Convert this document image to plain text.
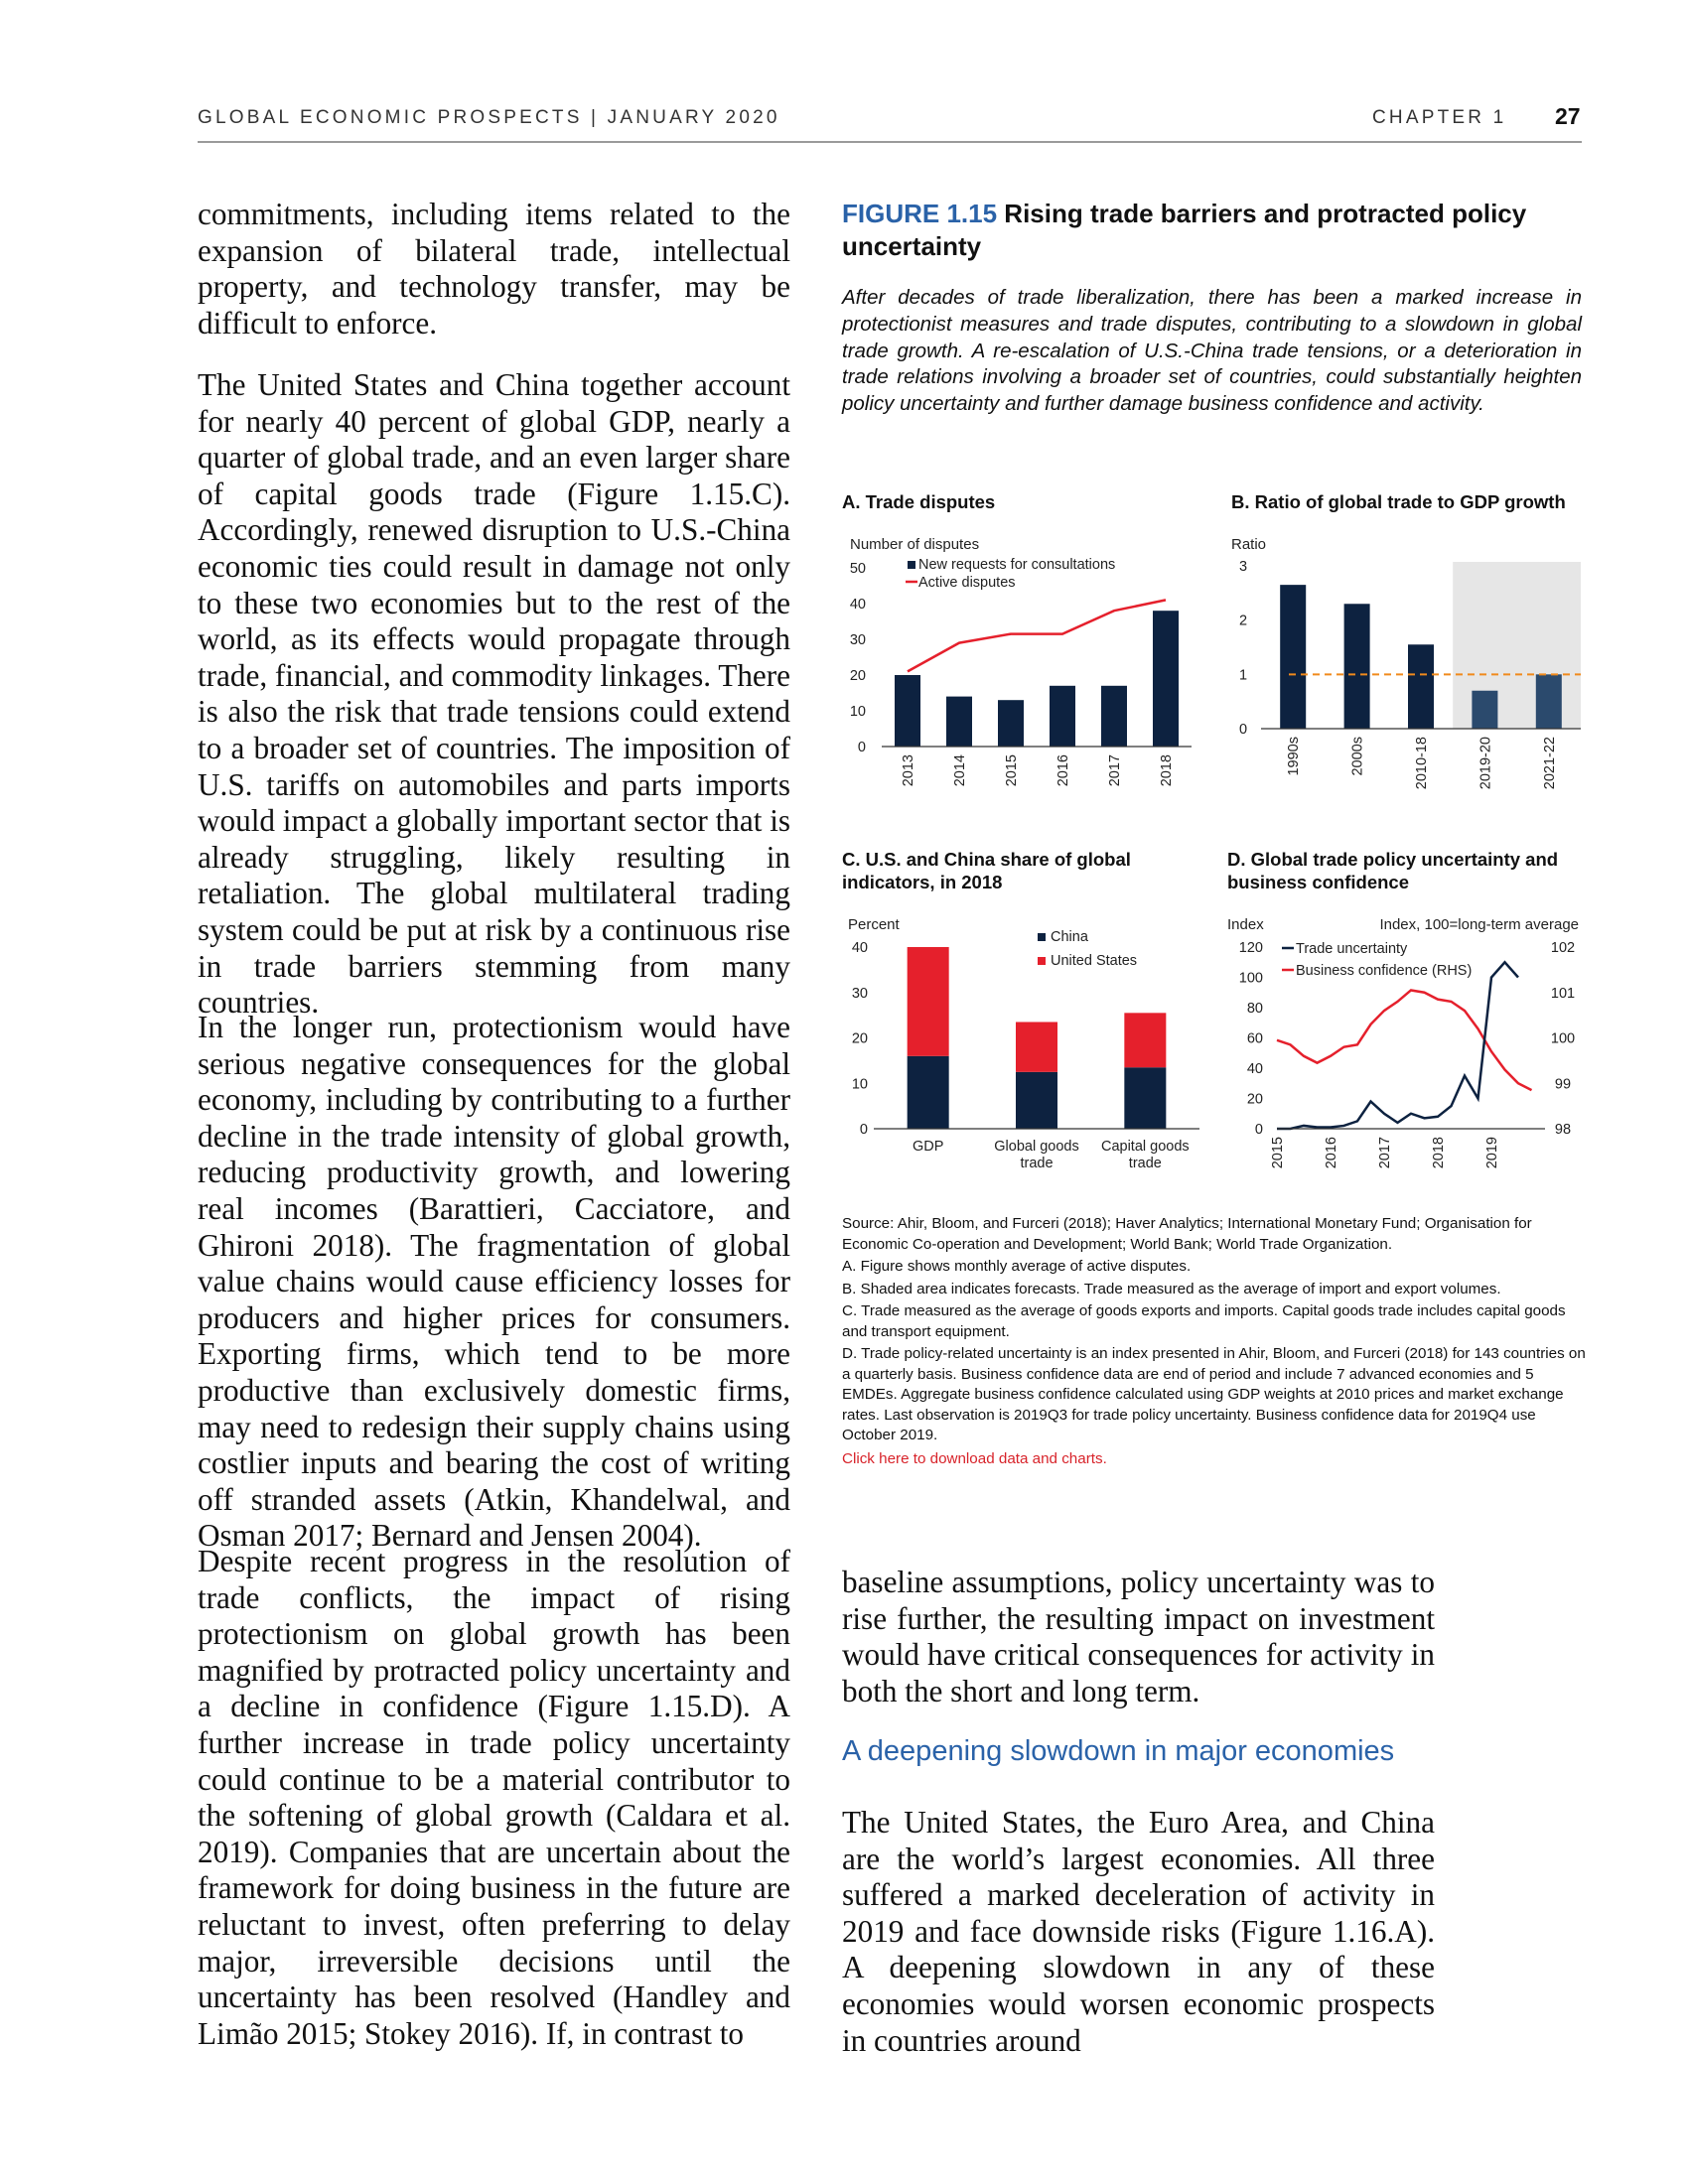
GLOBAL ECONOMIC PROSPECTS | JANUARY 2020	CHAPTER 1 27

commitments, including items related to the expansion of bilateral trade, intellectual property, and technology transfer, may be difficult to enforce.

The United States and China together account for nearly 40 percent of global GDP, nearly a quarter of global trade, and an even larger share of capital goods trade (Figure 1.15.C). Accordingly, renewed disruption to U.S.-China economic ties could result in damage not only to these two economies but to the rest of the world, as its effects would propagate through trade, financial, and commodity linkages. There is also the risk that trade tensions could extend to a broader set of countries. The imposition of U.S. tariffs on automobiles and parts imports would impact a globally important sector that is already struggling, likely resulting in retaliation. The global multilateral trading system could be put at risk by a continuous rise in trade barriers stemming from many countries.

In the longer run, protectionism would have serious negative consequences for the global economy, including by contributing to a further decline in the trade intensity of global growth, reducing productivity growth, and lowering real incomes (Barattieri, Cacciatore, and Ghironi 2018). The fragmentation of global value chains would cause efficiency losses for producers and higher prices for consumers. Exporting firms, which tend to be more productive than exclusively domestic firms, may need to redesign their supply chains using costlier inputs and bearing the cost of writing off stranded assets (Atkin, Khandelwal, and Osman 2017; Bernard and Jensen 2004).

Despite recent progress in the resolution of trade conflicts, the impact of rising protectionism on global growth has been magnified by protracted policy uncertainty and a decline in confidence (Figure 1.15.D). A further increase in trade policy uncertainty could continue to be a material contributor to the softening of global growth (Caldara et al. 2019). Companies that are uncertain about the framework for doing business in the future are reluctant to invest, often preferring to delay major, irreversible decisions until the uncertainty has been resolved (Handley and Limão 2015; Stokey 2016). If, in contrast to

FIGURE 1.15 Rising trade barriers and protracted policy uncertainty
After decades of trade liberalization, there has been a marked increase in protectionist measures and trade disputes, contributing to a slowdown in global trade growth. A re-escalation of U.S.-China trade tensions, or a deterioration in trade relations involving a broader set of countries, could substantially heighten policy uncertainty and further damage business confidence and activity.
A. Trade disputes	B. Ratio of global trade to GDP growth
C. U.S. and China share of global indicators, in 2018
D. Global trade policy uncertainty and business confidence
Number of disputes
0
10
20
30
40
50
2013 2014 2015 2016 2017 2018
New requests for consultations
Active disputes
Ratio
0
1
2
3
1990s	2000s	2010-18	2019-20	2021-22
Percent
0
10
20
30
40
GDP	Global goods trade
Capital goods trade
China
United States
Index	Index, 100=long-term average
0
20
40
60
80
100
120
98
99
100
101
102
2015	2016	2017	2018	2019
Trade uncertainty
Business confidence (RHS)
Source: Ahir, Bloom, and Furceri (2018); Haver Analytics; International Monetary Fund; Organisation for Economic Co-operation and Development; World Bank; World Trade Organization.
A. Figure shows monthly average of active disputes.
B. Shaded area indicates forecasts. Trade measured as the average of import and export volumes.
C. Trade measured as the average of goods exports and imports. Capital goods trade includes capital goods and transport equipment.
D. Trade policy-related uncertainty is an index presented in Ahir, Bloom, and Furceri (2018) for 143 countries on a quarterly basis. Business confidence data are end of period and include 7 advanced economies and 5 EMDEs. Aggregate business confidence calculated using GDP weights at 2010 prices and market exchange rates. Last observation is 2019Q3 for trade policy uncertainty. Business confidence data for 2019Q4 use October 2019.
Click here to download data and charts.

baseline assumptions, policy uncertainty was to rise further, the resulting impact on investment would have critical consequences for activity in both the short and long term.

A deepening slowdown in major economies

The United States, the Euro Area, and China are the world’s largest economies. All three suffered a marked deceleration of activity in 2019 and face downside risks (Figure 1.16.A). A deepening slowdown in any of these economies would worsen economic prospects in countries around
